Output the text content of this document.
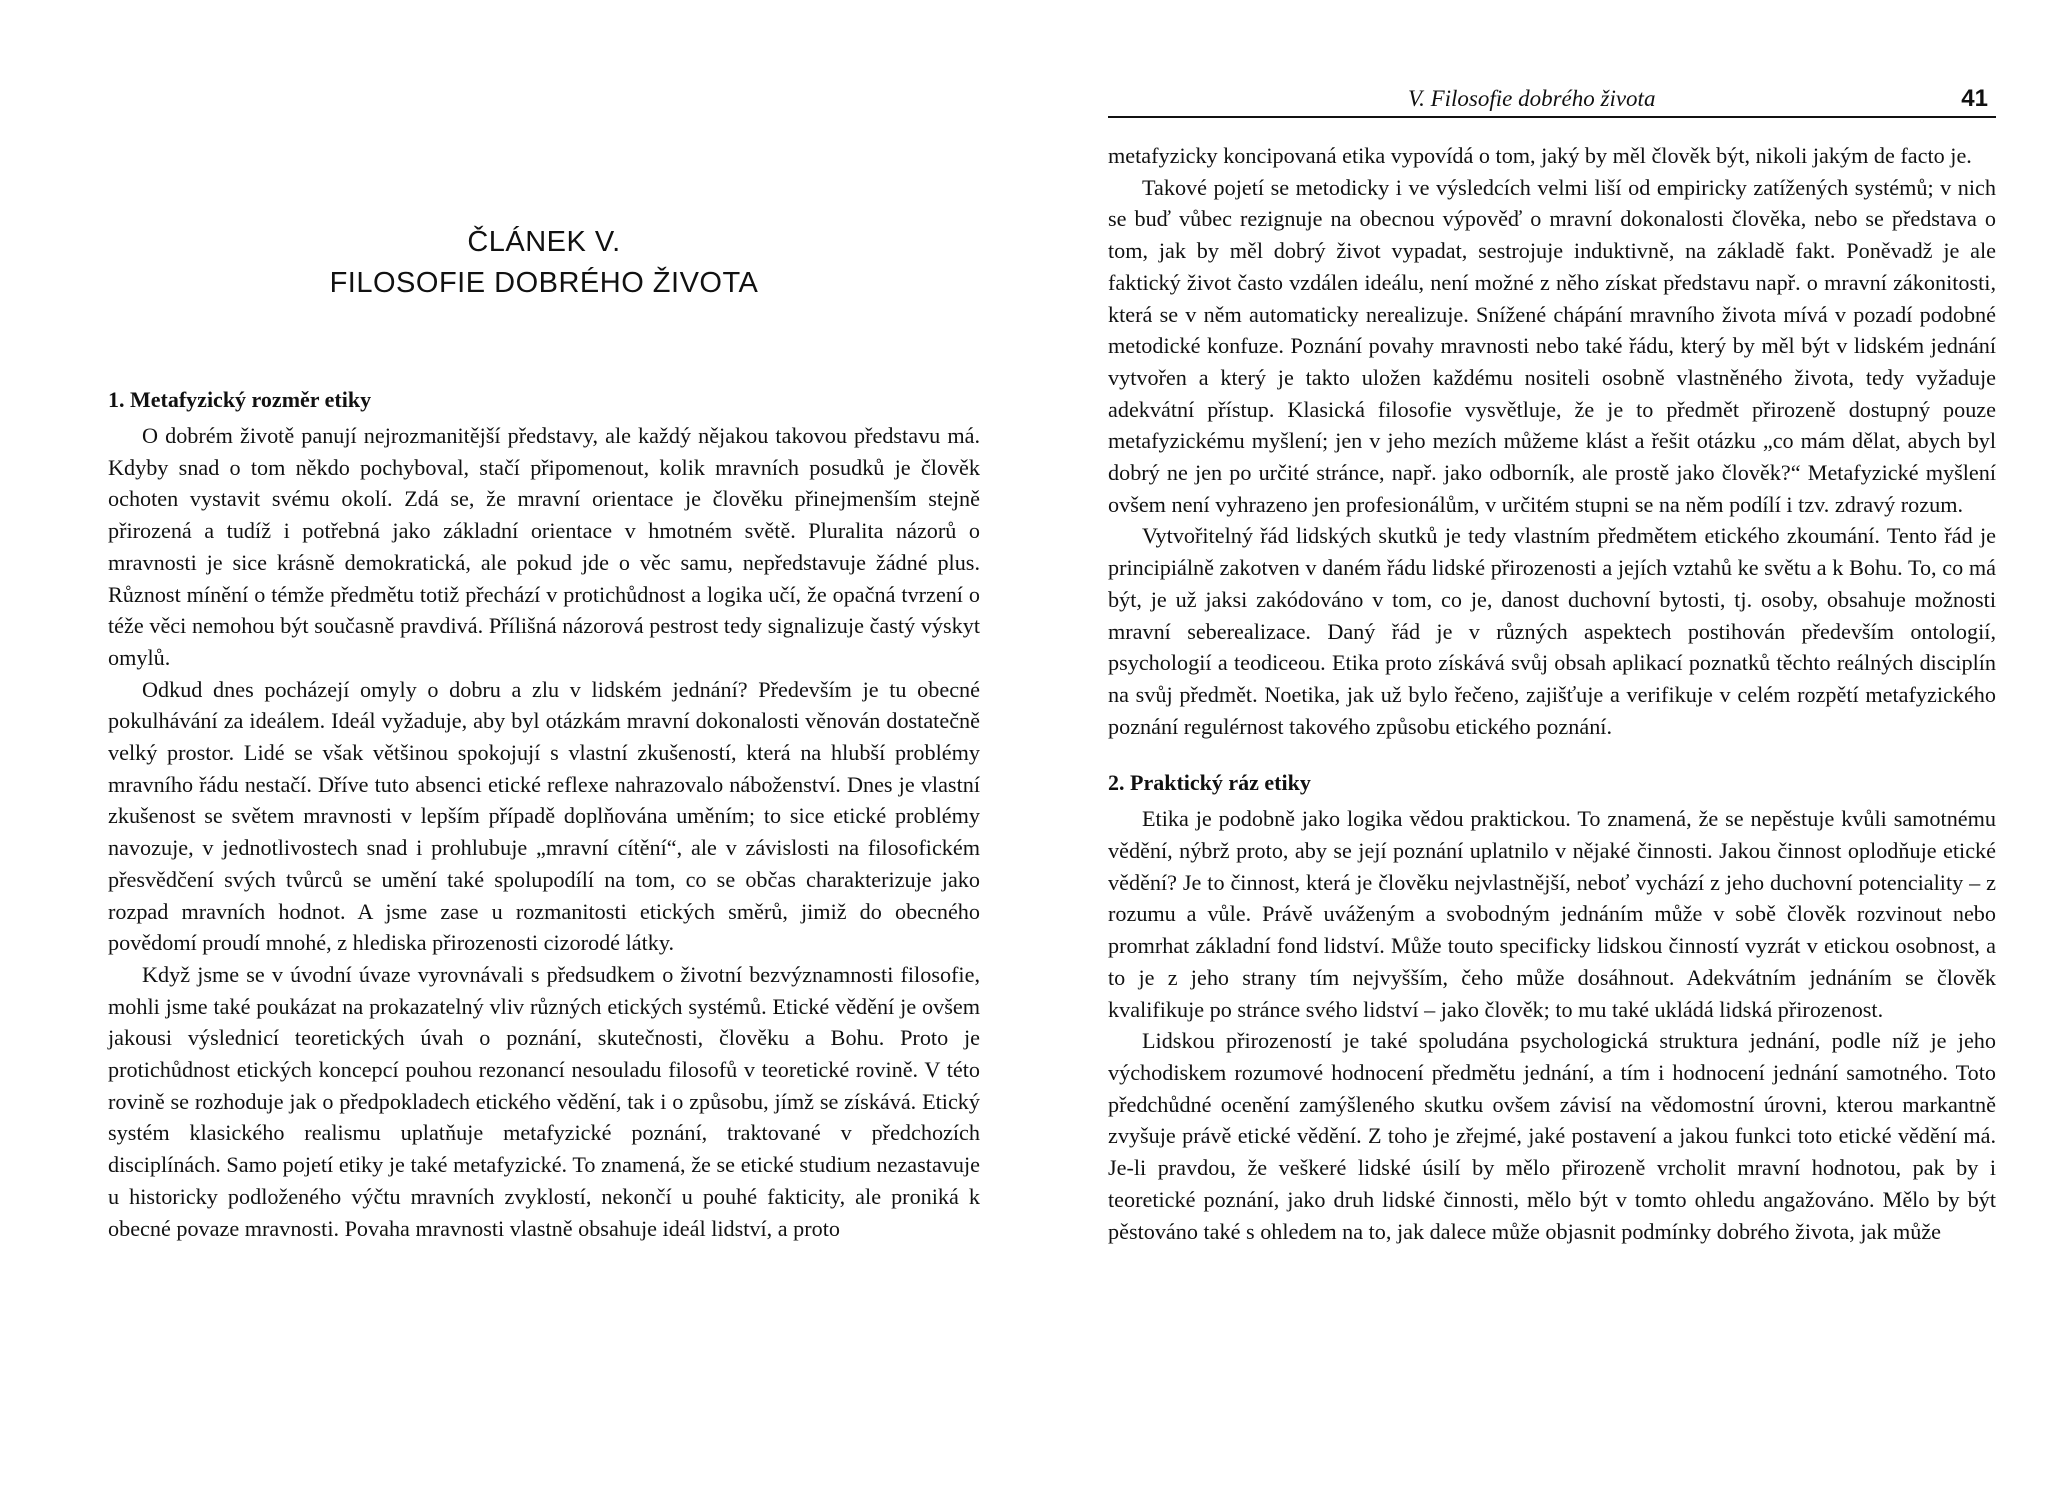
ČLÁNEK V.
FILOSOFIE DOBRÉHO ŽIVOTA
1. Metafyzický rozměr etiky

O dobrém životě panují nejrozmanitější představy, ale každý nějakou takovou představu má. Kdyby snad o tom někdo pochyboval, stačí připomenout, kolik mravních posudků je člověk ochoten vystavit svému okolí. Zdá se, že mravní orientace je člověku přinejmenším stejně přirozená a tudíž i potřebná jako základní orientace v hmotném světě. Pluralita názorů o mravnosti je sice krásně demokratická, ale pokud jde o věc samu, nepředstavuje žádné plus. Různost mínění o témže předmětu totiž přechází v protichůdnost a logika učí, že opačná tvrzení o téže věci nemohou být současně pravdivá. Přílišná názorová pestrost tedy signalizuje častý výskyt omylů.

Odkud dnes pocházejí omyly o dobru a zlu v lidském jednání? Především je tu obecné pokulhávání za ideálem. Ideál vyžaduje, aby byl otázkám mravní dokonalosti věnován dostatečně velký prostor. Lidé se však většinou spokojují s vlastní zkušeností, která na hlubší problémy mravního řádu nestačí. Dříve tuto absenci etické reflexe nahrazovalo náboženství. Dnes je vlastní zkušenost se světem mravnosti v lepším případě doplňována uměním; to sice etické problémy navozuje, v jednotlivostech snad i prohlubuje „mravní cítění“, ale v závislosti na filosofickém přesvědčení svých tvůrců se umění také spolupodílí na tom, co se občas charakterizuje jako rozpad mravních hodnot. A jsme zase u rozmanitosti etických směrů, jimiž do obecného povědomí proudí mnohé, z hlediska přirozenosti cizorodé látky.

Když jsme se v úvodní úvaze vyrovnávali s předsudkem o životní bezvýznamnosti filosofie, mohli jsme také poukázat na prokazatelný vliv různých etických systémů. Etické vědění je ovšem jakousi výslednicí teoretických úvah o poznání, skutečnosti, člověku a Bohu. Proto je protichůdnost etických koncepcí pouhou rezonancí nesouladu filosofů v teoretické rovině. V této rovině se rozhoduje jak o předpokladech etického vědění, tak i o způsobu, jímž se získává. Etický systém klasického realismu uplatňuje metafyzické poznání, traktované v předchozích disciplínách. Samo pojetí etiky je také metafyzické. To znamená, že se etické studium nezastavuje u historicky podloženého výčtu mravních zvyklostí, nekončí u pouhé fakticity, ale proniká k obecné povaze mravnosti. Povaha mravnosti vlastně obsahuje ideál lidství, a proto

V. Filosofie dobrého života	41

metafyzicky koncipovaná etika vypovídá o tom, jaký by měl člověk být, nikoli jakým de facto je.

Takové pojetí se metodicky i ve výsledcích velmi liší od empiricky zatížených systémů; v nich se buď vůbec rezignuje na obecnou výpověď o mravní dokonalosti člověka, nebo se představa o tom, jak by měl dobrý život vypadat, sestrojuje induktivně, na základě fakt. Poněvadž je ale faktický život často vzdálen ideálu, není možné z něho získat představu např. o mravní zákonitosti, která se v něm automaticky nerealizuje. Snížené chápání mravního života mívá v pozadí podobné metodické konfuze. Poznání povahy mravnosti nebo také řádu, který by měl být v lidském jednání vytvořen a který je takto uložen každému nositeli osobně vlastněného života, tedy vyžaduje adekvátní přístup. Klasická filosofie vysvětluje, že je to předmět přirozeně dostupný pouze metafyzickému myšlení; jen v jeho mezích můžeme klást a řešit otázku „co mám dělat, abych byl dobrý ne jen po určité stránce, např. jako odborník, ale prostě jako člověk?“ Metafyzické myšlení ovšem není vyhrazeno jen profesionálům, v určitém stupni se na něm podílí i tzv. zdravý rozum.

Vytvořitelný řád lidských skutků je tedy vlastním předmětem etického zkoumání. Tento řád je principiálně zakotven v daném řádu lidské přirozenosti a jejích vztahů ke světu a k Bohu. To, co má být, je už jaksi zakódováno v tom, co je, danost duchovní bytosti, tj. osoby, obsahuje možnosti mravní seberealizace. Daný řád je v různých aspektech postihován především ontologií, psychologií a teodiceou. Etika proto získává svůj obsah aplikací poznatků těchto reálných disciplín na svůj předmět. Noetika, jak už bylo řečeno, zajišťuje a verifikuje v celém rozpětí metafyzického poznání regulérnost takového způsobu etického poznání.

2. Praktický ráz etiky

Etika je podobně jako logika vědou praktickou. To znamená, že se nepěstuje kvůli samotnému vědění, nýbrž proto, aby se její poznání uplatnilo v nějaké činnosti. Jakou činnost oplodňuje etické vědění? Je to činnost, která je člověku nejvlastnější, neboť vychází z jeho duchovní potenciality – z rozumu a vůle. Právě uváženým a svobodným jednáním může v sobě člověk rozvinout nebo promrhat základní fond lidství. Může touto specificky lidskou činností vyzrát v etickou osobnost, a to je z jeho strany tím nejvyšším, čeho může dosáhnout. Adekvátním jednáním se člověk kvalifikuje po stránce svého lidství – jako člověk; to mu také ukládá lidská přirozenost.

Lidskou přirozeností je také spoludána psychologická struktura jednání, podle níž je jeho východiskem rozumové hodnocení předmětu jednání, a tím i hodnocení jednání samotného. Toto předchůdné ocenění zamýšleného skutku ovšem závisí na vědomostní úrovni, kterou markantně zvyšuje právě etické vědění. Z toho je zřejmé, jaké postavení a jakou funkci toto etické vědění má. Je-li pravdou, že veškeré lidské úsilí by mělo přirozeně vrcholit mravní hodnotou, pak by i teoretické poznání, jako druh lidské činnosti, mělo být v tomto ohledu angažováno. Mělo by být pěstováno také s ohledem na to, jak dalece může objasnit podmínky dobrého života, jak může
